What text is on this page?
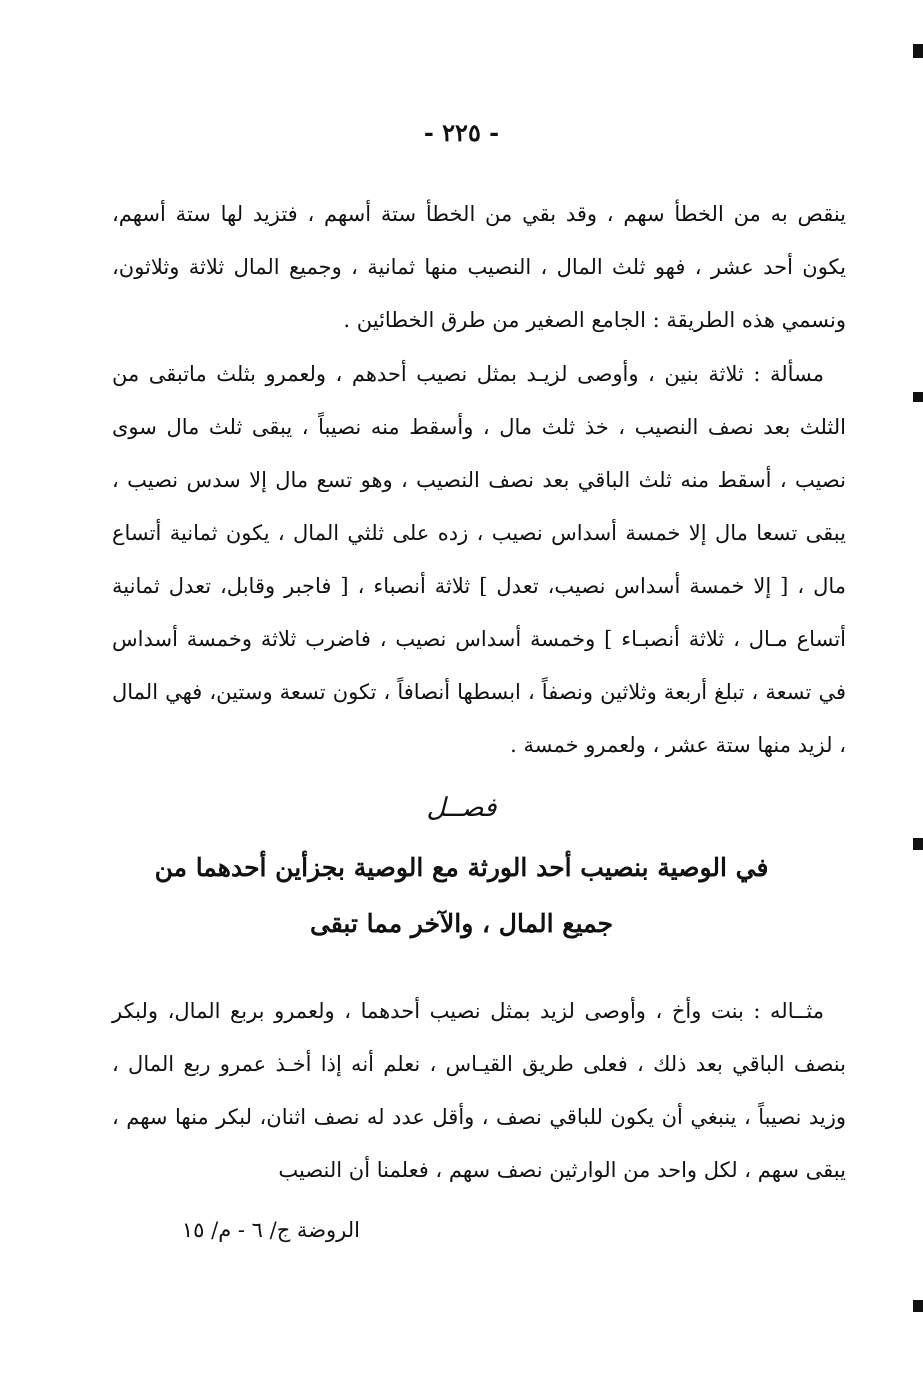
- ٢٢٥ -

ينقص به من الخطأ سهم ، وقد بقي من الخطأ ستة أسهم ، فتزيد لها ستة أسهم، يكون أحد عشر ، فهو ثلث المال ، النصيب منها ثمانية ، وجميع المال ثلاثة وثلاثون، ونسمي هذه الطريقة : الجامع الصغير من طرق الخطائين .

مسألة : ثلاثة بنين ، وأوصى لزيـد بمثل نصيب أحدهم ، ولعمرو بثلث ماتبقى من الثلث بعد نصف النصيب ، خذ ثلث مال ، وأسقط منه نصيباً ، يبقى ثلث مال سوى نصيب ، أسقط منه ثلث الباقي بعد نصف النصيب ، وهو تسع مال إلا سدس نصيب ، يبقى تسعا مال إلا خمسة أسداس نصيب ، زده على ثلثي المال ، يكون ثمانية أتساع مال ، [ إلا خمسة أسداس نصيب، تعدل ] ثلاثة أنصباء ، [ فاجبر وقابل، تعدل ثمانية أتساع مـال ، ثلاثة أنصبـاء ] وخمسة أسداس نصيب ، فاضرب ثلاثة وخمسة أسداس في تسعة ، تبلغ أربعة وثلاثين ونصفاً ، ابسطها أنصافاً ، تكون تسعة وستين، فهي المال ، لزيد منها ستة عشر ، ولعمرو خمسة .

فصــل
في الوصية بنصيب أحد الورثة مع الوصية بجزأين أحدهما من جميع المال ، والآخر مما تبقى

مثــاله : بنت وأخ ، وأوصى لزيد بمثل نصيب أحدهما ، ولعمرو بربع المال، ولبكر بنصف الباقي بعد ذلك ، فعلى طريق القيـاس ، نعلم أنه إذا أخـذ عمرو ربع المال ، وزيد نصيباً ، ينبغي أن يكون للباقي نصف ، وأقل عدد له نصف اثنان، لبكر منها سهم ، يبقى سهم ، لكل واحد من الوارثين نصف سهم ، فعلمنا أن النصيب

الروضة ج/ ٦ - م/ ١٥
